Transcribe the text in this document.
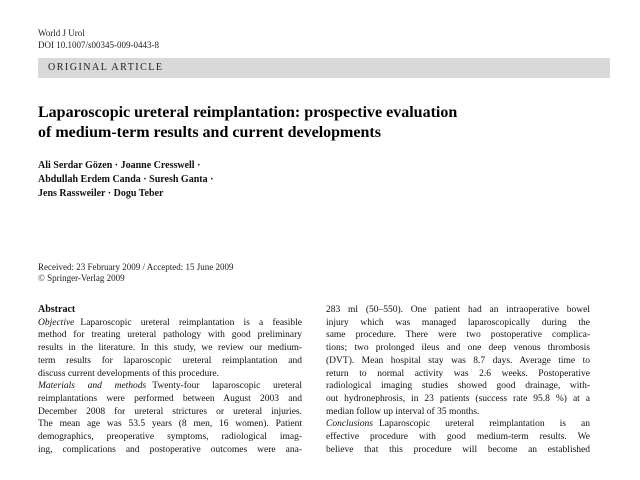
World J Urol
DOI 10.1007/s00345-009-0443-8
ORIGINAL ARTICLE
Laparoscopic ureteral reimplantation: prospective evaluation
of medium-term results and current developments
Ali Serdar Gözen · Joanne Cresswell ·
Abdullah Erdem Canda · Suresh Ganta ·
Jens Rassweiler · Dogu Teber
Received: 23 February 2009 / Accepted: 15 June 2009
© Springer-Verlag 2009
Abstract
Objective Laparoscopic ureteral reimplantation is a feasible
method for treating ureteral pathology with good preliminary
results in the literature. In this study, we review our medium-
term results for laparoscopic ureteral reimplantation and
discuss current developments of this procedure.
Materials and methods Twenty-four laparoscopic ureteral
reimplantations were performed between August 2003 and
December 2008 for ureteral strictures or ureteral injuries.
The mean age was 53.5 years (8 men, 16 women). Patient
demographics, preoperative symptoms, radiological imag-
ing, complications and postoperative outcomes were ana-
283 ml (50–550). One patient had an intraoperative bowel
injury which was managed laparoscopically during the
same procedure. There were two postoperative complica-
tions; two prolonged ileus and one deep venous thrombosis
(DVT). Mean hospital stay was 8.7 days. Average time to
return to normal activity was 2.6 weeks. Postoperative
radiological imaging studies showed good drainage, with-
out hydronephrosis, in 23 patients (success rate 95.8 %) at a
median follow up interval of 35 months.
Conclusions Laparoscopic ureteral reimplantation is an
effective procedure with good medium-term results. We
believe that this procedure will become an established
